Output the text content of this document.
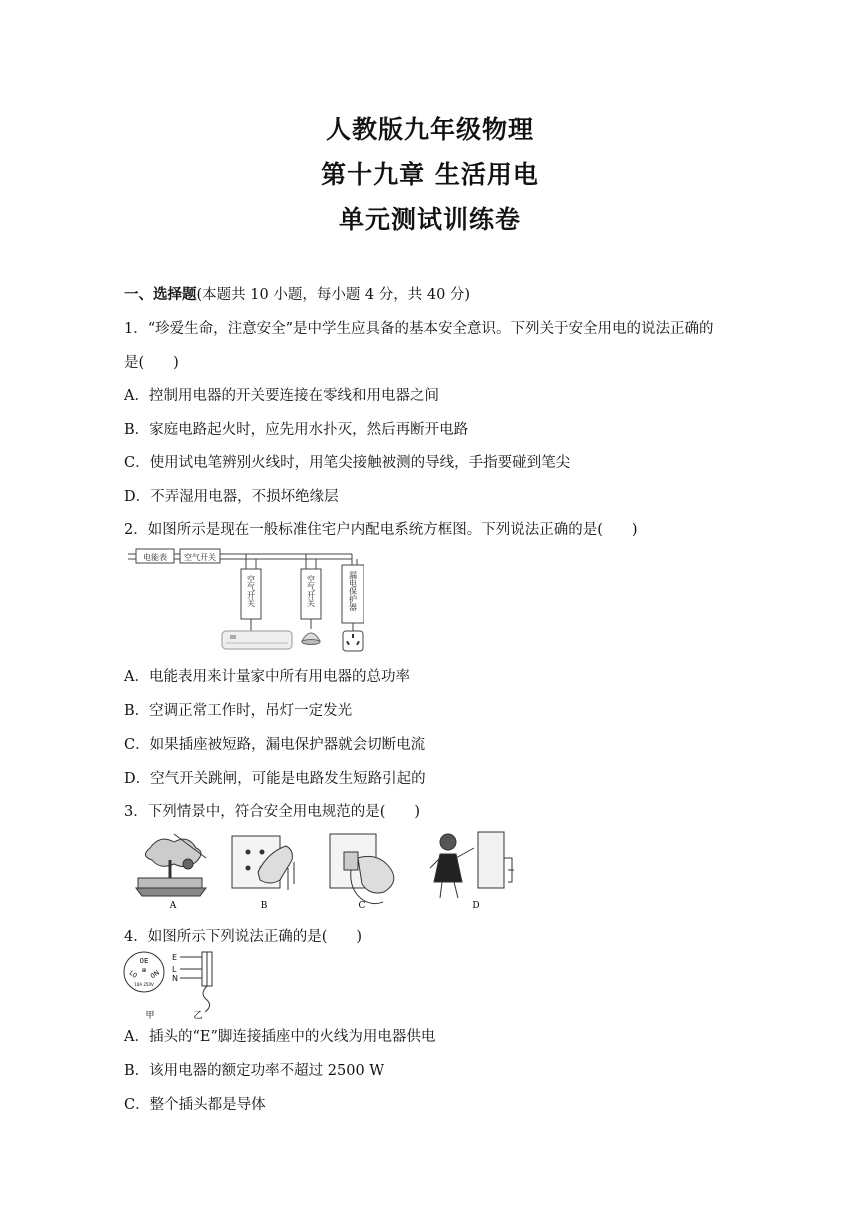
人教版九年级物理
第十九章 生活用电
单元测试训练卷
一、选择题(本题共 10 小题，每小题 4 分，共 40 分)
1．“珍爱生命，注意安全”是中学生应具备的基本安全意识。下列关于安全用电的说法正确的
是(　　)
A．控制用电器的开关要连接在零线和用电器之间
B．家庭电路起火时，应先用水扑灭，然后再断开电路
C．使用试电笔辨别火线时，用笔尖接触被测的导线，手指要碰到笔尖
D．不弄湿用电器，不损坏绝缘层
2．如图所示是现在一般标准住宅户内配电系统方框图。下列说法正确的是(　　)
电能表 空气开关
空气开关	空气开关	漏电保护器
A．电能表用来计量家中所有用电器的总功率
B．空调正常工作时，吊灯一定发光
C．如果插座被短路，漏电保护器就会切断电流
D．空气开关跳闸，可能是电路发生短路引起的
3．下列情景中，符合安全用电规范的是(　　)
A	B	C	D
4．如图所示下列说法正确的是(　　)
0E
L0 0N
⊕
10A 250V
E
L
N
甲	乙
A．插头的“E”脚连接插座中的火线为用电器供电
B．该用电器的额定功率不超过 2500 W
C．整个插头都是导体
